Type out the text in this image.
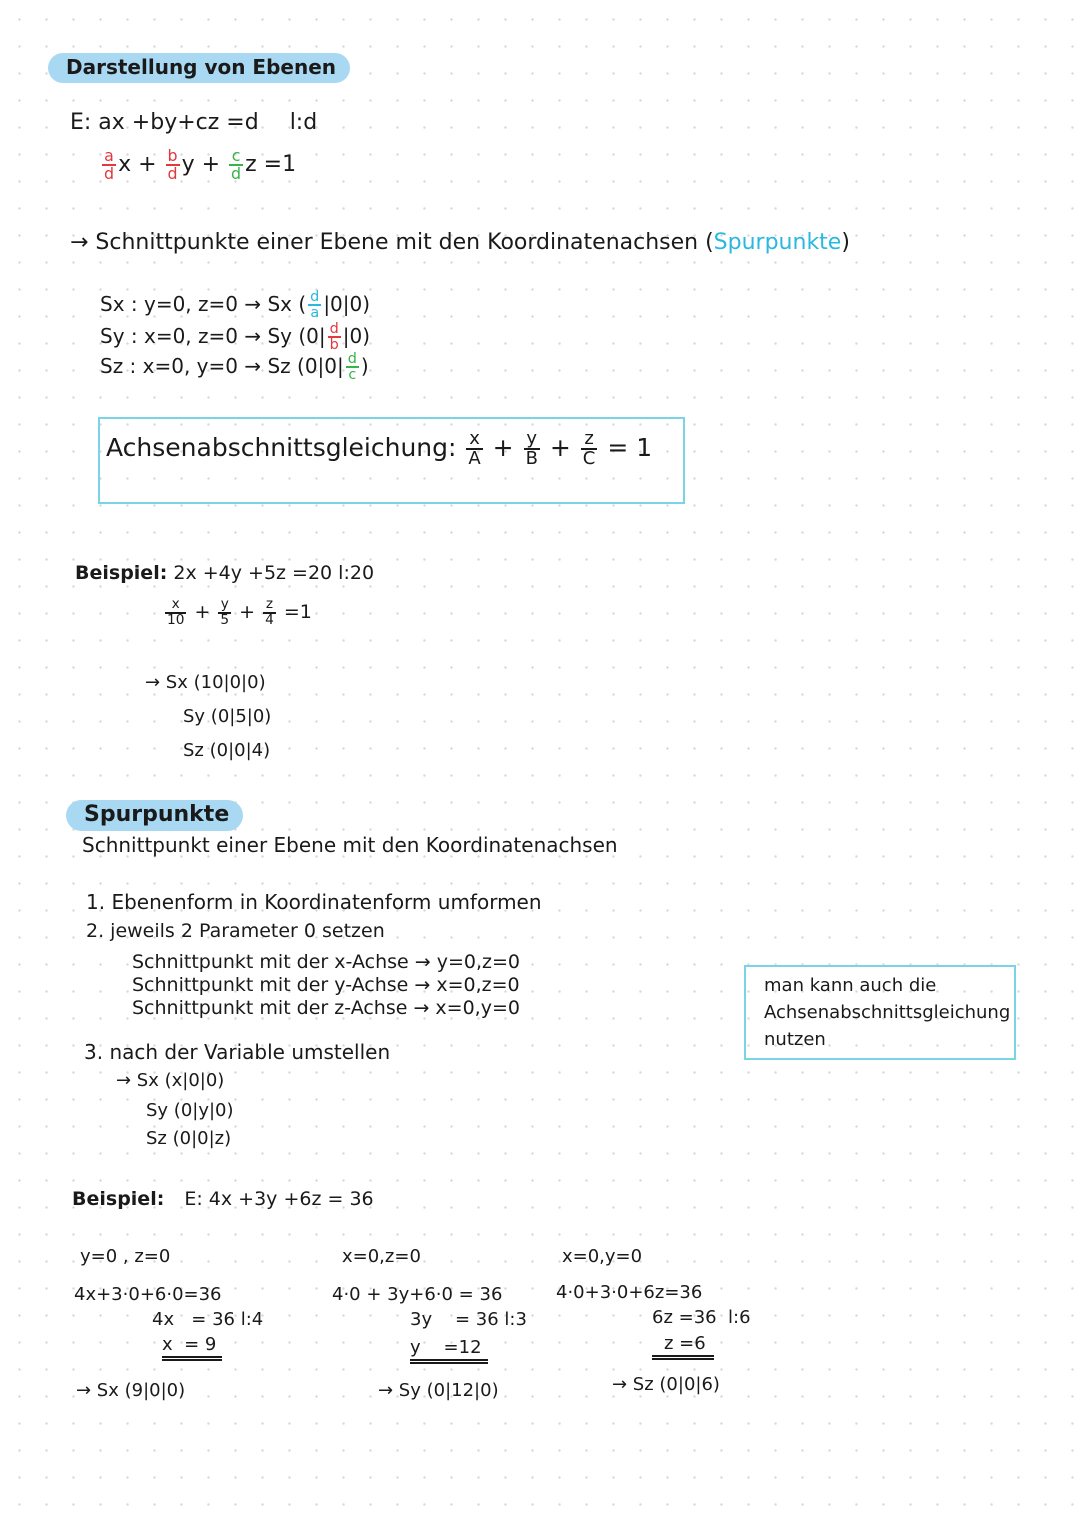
Darstellung von Ebenen
E: ax +by+cz =d l:d
$\frac{a}{d}$ $x + \frac{b}{d}$ $y + \frac{c}{d}$ z =1
→ Schnittpunkte einer Ebene mit den Koordinatenachsen (Spurpunkte)
Sx : y=0, z=0 → Sx ( $\frac{d}{a} |0|0$)
Sy : x=0, z=0 → Sy $(0| \frac{d}{b} |0)$
Sz : x=0, y=0 → Sz ($0|0| \frac{d}{c}$ )
Achsenabschnittsgleichung: $\frac{x}{A} + \frac{y}{B} + \frac{z}{C} = 1$
Beispiel: 2x +4y +5z =20 l:20
$\frac{x}{10} + \frac{y}{5} + \frac{z}{4} =1$
→ Sx (10|0|0)
Sy (0|5|0)
Sz (0|0|4)
Spurpunkte
Schnittpunkt einer Ebene mit den Koordinatenachsen
1. Ebenenform in Koordinatenform umformen
2. jeweils 2 Parameter 0 setzen
Schnittpunkt mit der x-Achse → y=0,z=0
Schnittpunkt mit der y-Achse → x=0,z=0
Schnittpunkt mit der z-Achse → x=0,y=0
man kann auch die
Achsenabschnittsgleichung
nutzen
3. nach der Variable umstellen
→ Sx (x|0|0)
Sy (0|y|0)
Sz (0|0|z)
Beispiel: E: 4x +3y +6z = 36
y=0 , z=0
4x+3·0+6·0=36
4x   = 36 l:4
x  = 9
→ Sx (9|0|0)
x=0,z=0
4·0 + 3y+6·0 = 36
3y    = 36 l:3
y    =12
→ Sy (0|12|0)
x=0,y=0
4·0+3·0+6z=36
6z =36  l:6
z =6
→ Sz (0|0|6)
